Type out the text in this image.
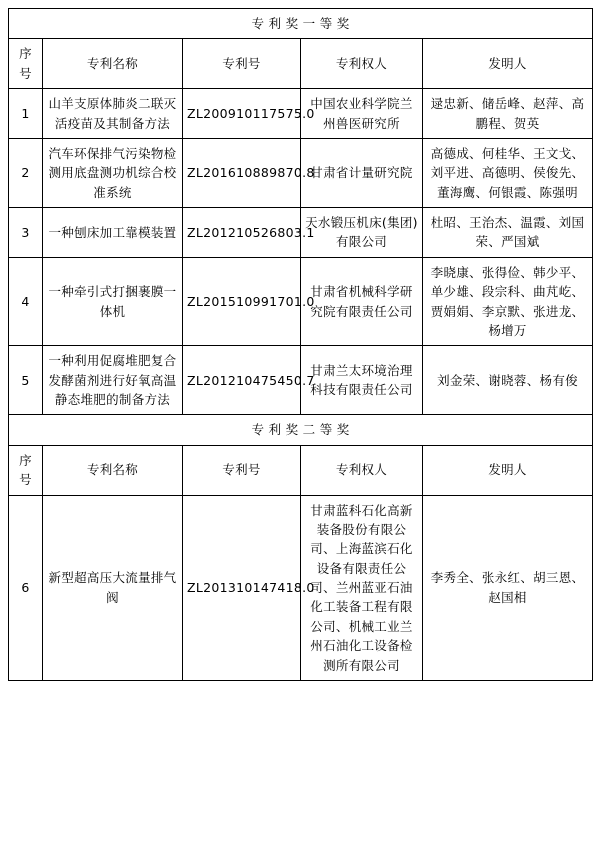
专 利 奖 一 等 奖				
序号	专利名称	专利号	专利权人	发明人
1	山羊支原体肺炎二联灭活疫苗及其制备方法	ZL200910117575.0	中国农业科学院兰州兽医研究所	逯忠新、储岳峰、赵萍、高鹏程、贺英
2	汽车环保排气污染物检测用底盘测功机综合校准系统	ZL201610889870.8	甘肃省计量研究院	高德成、何桂华、王文戈、刘平进、高德明、侯俊先、董海鹰、何银霞、陈强明
3	一种刨床加工靠模装置	ZL201210526803.1	天水锻压机床(集团)有限公司	杜昭、王治杰、温霞、刘国荣、严国斌
4	一种牵引式打捆裹膜一体机	ZL201510991701.0	甘肃省机械科学研究院有限责任公司	李晓康、张得俭、韩少平、单少雄、段宗科、曲芃屹、贾娟娟、李京默、张进龙、杨增万
5	一种利用促腐堆肥复合发酵菌剂进行好氧高温静态堆肥的制备方法	ZL201210475450.7	甘肃兰太环境治理科技有限责任公司	刘金荣、谢晓蓉、杨有俊
专 利 奖 二 等 奖				
序号	专利名称	专利号	专利权人	发明人
6	新型超高压大流量排气阀	ZL201310147418.0	甘肃蓝科石化高新装备股份有限公司、上海蓝滨石化设备有限责任公司、兰州蓝亚石油化工装备工程有限公司、机械工业兰州石油化工设备检测所有限公司	李秀全、张永红、胡三恩、赵国相
